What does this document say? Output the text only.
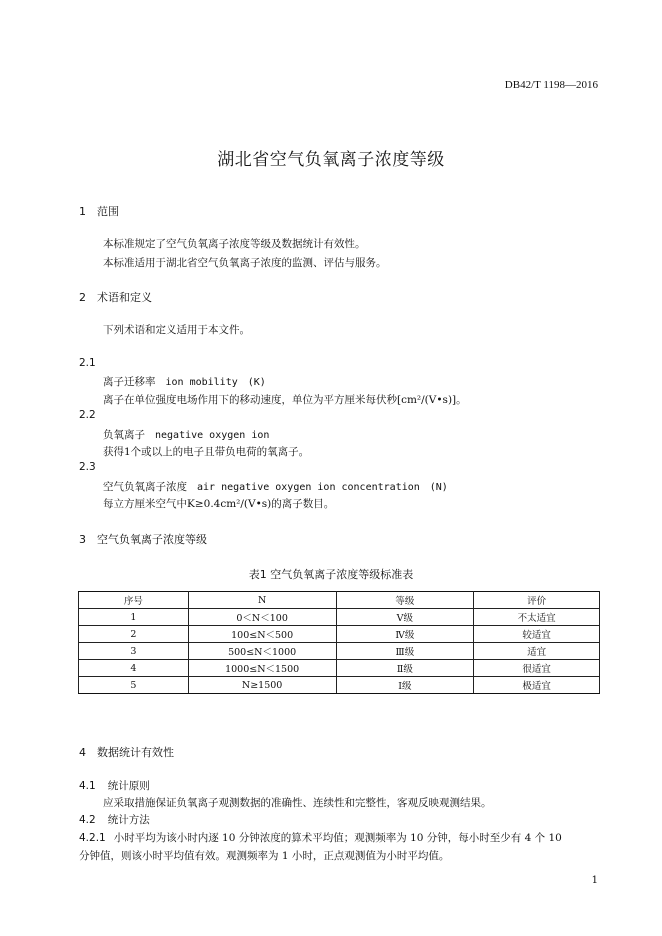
DB42/T 1198—2016
湖北省空气负氧离子浓度等级
1 范围
本标准规定了空气负氧离子浓度等级及数据统计有效性。
本标准适用于湖北省空气负氧离子浓度的监测、评估与服务。
2 术语和定义
下列术语和定义适用于本文件。
2.1
离子迁移率 ion mobility (K)
离子在单位强度电场作用下的移动速度，单位为平方厘米每伏秒[cm²/(V•s)]。
2.2
负氧离子 negative oxygen ion
获得1个或以上的电子且带负电荷的氧离子。
2.3
空气负氧离子浓度 air negative oxygen ion concentration (N)
每立方厘米空气中K≥0.4cm²/(V•s)的离子数目。
3 空气负氧离子浓度等级
表1 空气负氧离子浓度等级标准表
序号	N	等级	评价
1	0＜N＜100	Ⅴ级	不太适宜
2	100≤N＜500	Ⅳ级	较适宜
3	500≤N＜1000	Ⅲ级	适宜
4	1000≤N＜1500	Ⅱ级	很适宜
5	N≥1500	Ⅰ级	极适宜
4 数据统计有效性
4.1 统计原则
应采取措施保证负氧离子观测数据的准确性、连续性和完整性，客观反映观测结果。
4.2 统计方法
4.2.1 小时平均为该小时内逐 10 分钟浓度的算术平均值；观测频率为 10 分钟，每小时至少有 4 个 10
分钟值，则该小时平均值有效。观测频率为 1 小时，正点观测值为小时平均值。
1
